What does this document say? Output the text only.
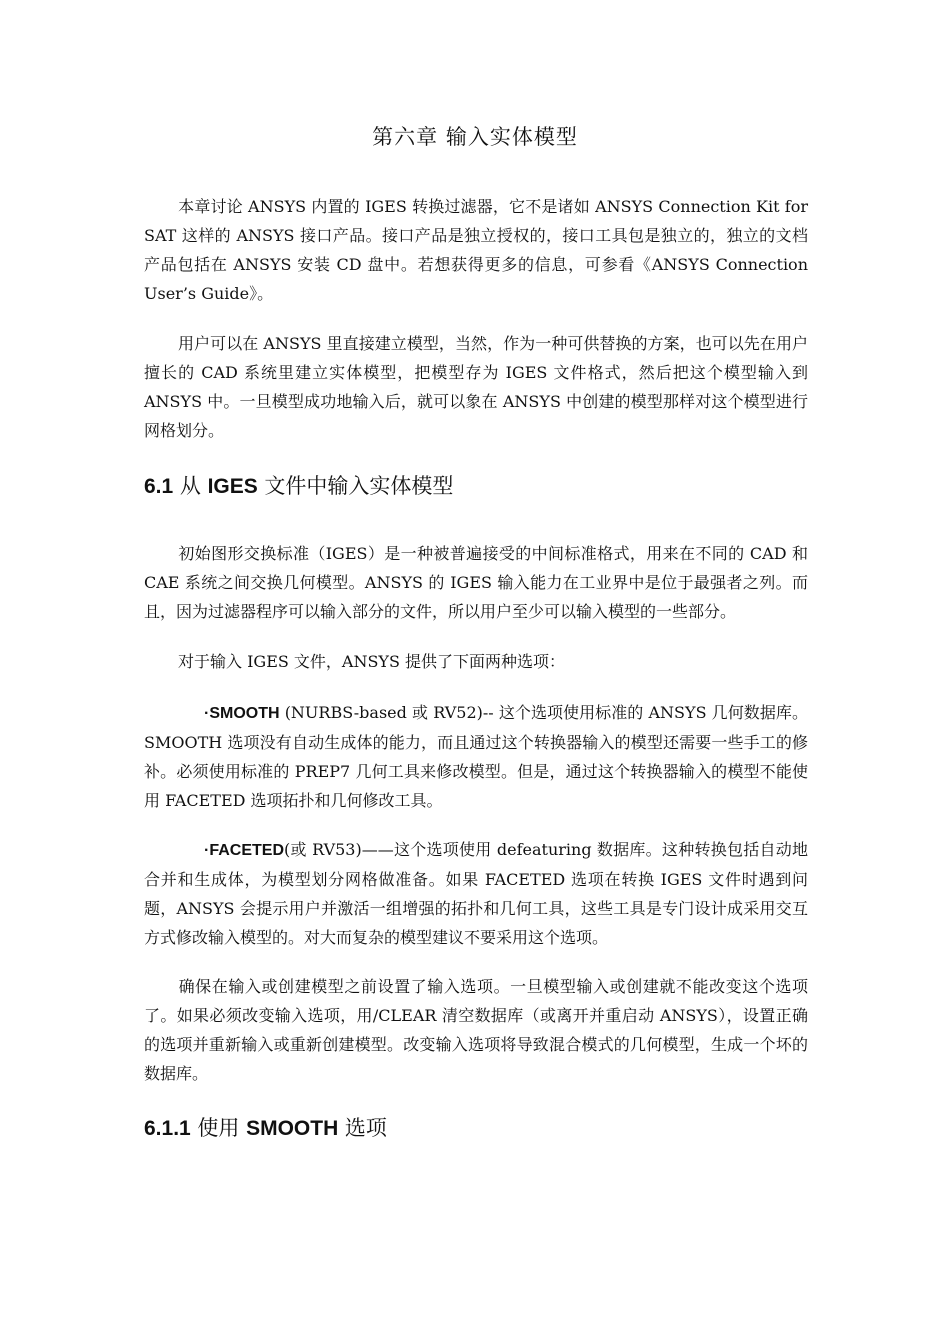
第六章 输入实体模型

本章讨论 ANSYS 内置的 IGES 转换过滤器，它不是诸如 ANSYS Connection Kit for SAT 这样的 ANSYS 接口产品。接口产品是独立授权的，接口工具包是独立的，独立的文档产品包括在 ANSYS 安装 CD 盘中。若想获得更多的信息，可参看《ANSYS Connection User’s Guide》。

用户可以在 ANSYS 里直接建立模型，当然，作为一种可供替换的方案，也可以先在用户擅长的 CAD 系统里建立实体模型，把模型存为 IGES 文件格式，然后把这个模型输入到 ANSYS 中。一旦模型成功地输入后，就可以象在 ANSYS 中创建的模型那样对这个模型进行网格划分。

6.1 从 IGES 文件中输入实体模型

初始图形交换标准（IGES）是一种被普遍接受的中间标准格式，用来在不同的 CAD 和 CAE 系统之间交换几何模型。ANSYS 的 IGES 输入能力在工业界中是位于最强者之列。而且，因为过滤器程序可以输入部分的文件，所以用户至少可以输入模型的一些部分。

对于输入 IGES 文件，ANSYS 提供了下面两种选项：

·SMOOTH (NURBS-based 或 RV52)-- 这个选项使用标准的 ANSYS 几何数据库。SMOOTH 选项没有自动生成体的能力，而且通过这个转换器输入的模型还需要一些手工的修补。必须使用标准的 PREP7 几何工具来修改模型。但是，通过这个转换器输入的模型不能使用 FACETED 选项拓扑和几何修改工具。

·FACETED(或 RV53)——这个选项使用 defeaturing 数据库。这种转换包括自动地合并和生成体，为模型划分网格做准备。如果 FACETED 选项在转换 IGES 文件时遇到问题，ANSYS 会提示用户并激活一组增强的拓扑和几何工具，这些工具是专门设计成采用交互方式修改输入模型的。对大而复杂的模型建议不要采用这个选项。

确保在输入或创建模型之前设置了输入选项。一旦模型输入或创建就不能改变这个选项了。如果必须改变输入选项，用/CLEAR 清空数据库（或离开并重启动 ANSYS），设置正确的选项并重新输入或重新创建模型。改变输入选项将导致混合模式的几何模型，生成一个坏的数据库。

6.1.1 使用 SMOOTH 选项
